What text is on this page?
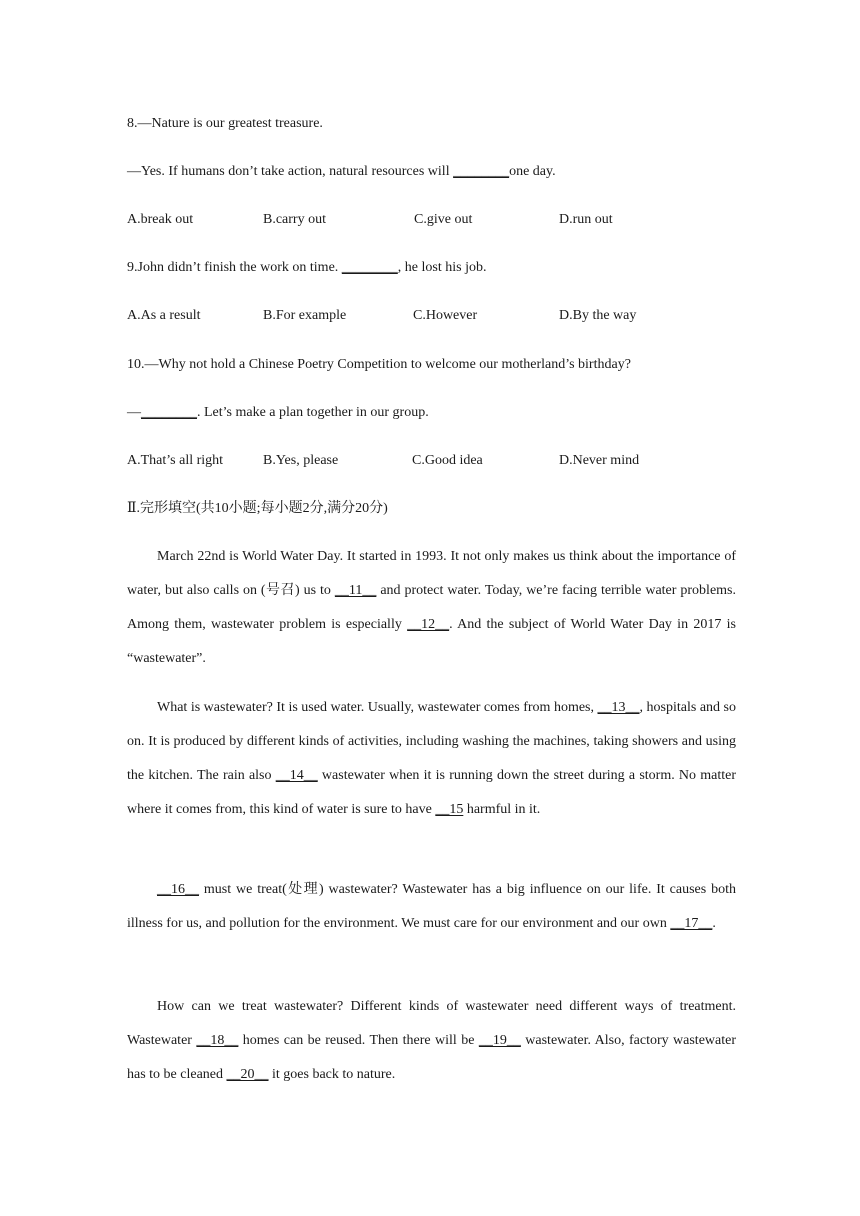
8.—Nature is our greatest treasure.
—Yes. If humans don’t take action, natural resources will ________one day.
A.break out	B.carry out	C.give out	D.run out
9.John didn’t finish the work on time. ________, he lost his job.
A.As a result	B.For example	C.However	D.By the way
10.—Why not hold a Chinese Poetry Competition to welcome our motherland’s birthday?
—________. Let’s make a plan together in our group.
A.That’s all right	B.Yes, please	C.Good idea	D.Never mind
Ⅱ.完形填空(共10小题;每小题2分,满分20分)

March 22nd is World Water Day. It started in 1993. It not only makes us think about the importance of water, but also calls on (号召) us to __11__ and protect water. Today, we’re facing terrible water problems. Among them, wastewater problem is especially __12__. And the subject of World Water Day in 2017 is “wastewater”.

What is wastewater? It is used water. Usually, wastewater comes from homes, __13__, hospitals and so on. It is produced by different kinds of activities, including washing the machines, taking showers and using the kitchen. The rain also __14__ wastewater when it is running down the street during a storm. No matter where it comes from, this kind of water is sure to have __15 harmful in it.

__16__ must we treat(处理) wastewater? Wastewater has a big influence on our life. It causes both illness for us, and pollution for the environment. We must care for our environment and our own __17__.

How can we treat wastewater? Different kinds of wastewater need different ways of treatment. Wastewater __18__ homes can be reused. Then there will be __19__ wastewater. Also, factory wastewater has to be cleaned __20__ it goes back to nature.
